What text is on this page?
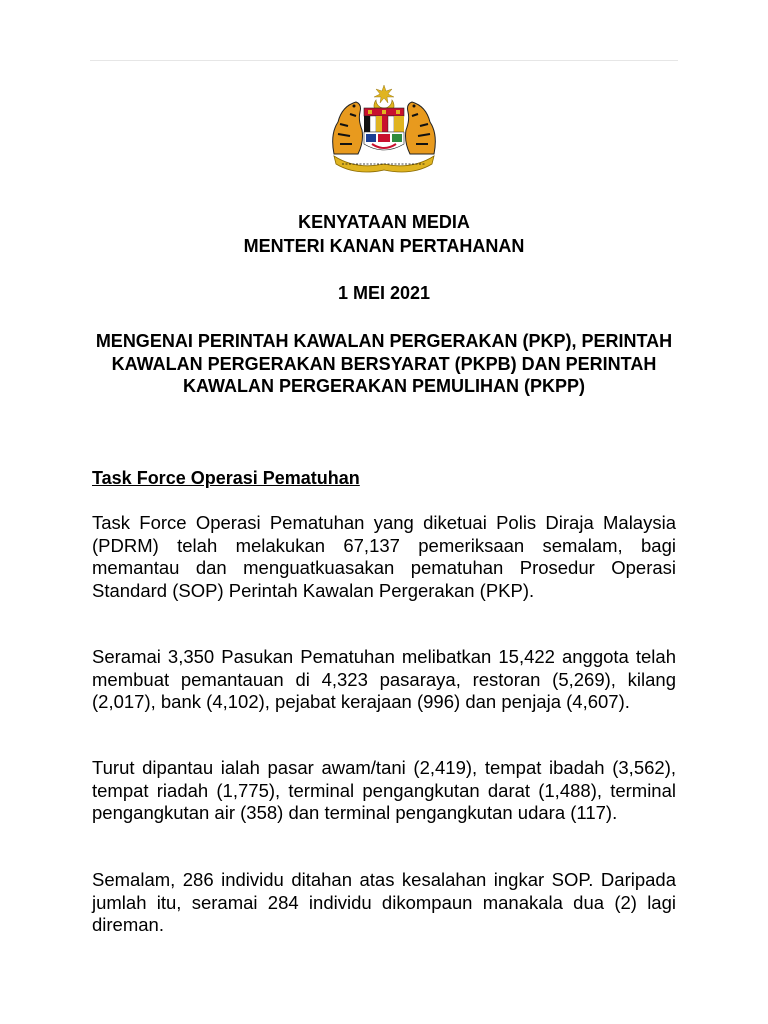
KENYATAAN MEDIA
MENTERI KANAN PERTAHANAN
1 MEI 2021
MENGENAI PERINTAH KAWALAN PERGERAKAN (PKP), PERINTAH KAWALAN PERGERAKAN BERSYARAT (PKPB) DAN PERINTAH KAWALAN PERGERAKAN PEMULIHAN (PKPP)
Task Force Operasi Pematuhan

Task Force Operasi Pematuhan yang diketuai Polis Diraja Malaysia (PDRM) telah melakukan 67,137 pemeriksaan semalam, bagi memantau dan menguatkuasakan pematuhan Prosedur Operasi Standard (SOP) Perintah Kawalan Pergerakan (PKP).

Seramai 3,350 Pasukan Pematuhan melibatkan 15,422 anggota telah membuat pemantauan di 4,323 pasaraya, restoran (5,269), kilang (2,017), bank (4,102), pejabat kerajaan (996) dan penjaja (4,607).

Turut dipantau ialah pasar awam/tani (2,419), tempat ibadah (3,562), tempat riadah (1,775), terminal pengangkutan darat (1,488), terminal pengangkutan air (358) dan terminal pengangkutan udara (117).

Semalam, 286 individu ditahan atas kesalahan ingkar SOP. Daripada jumlah itu, seramai 284 individu dikompaun manakala dua (2) lagi direman.
